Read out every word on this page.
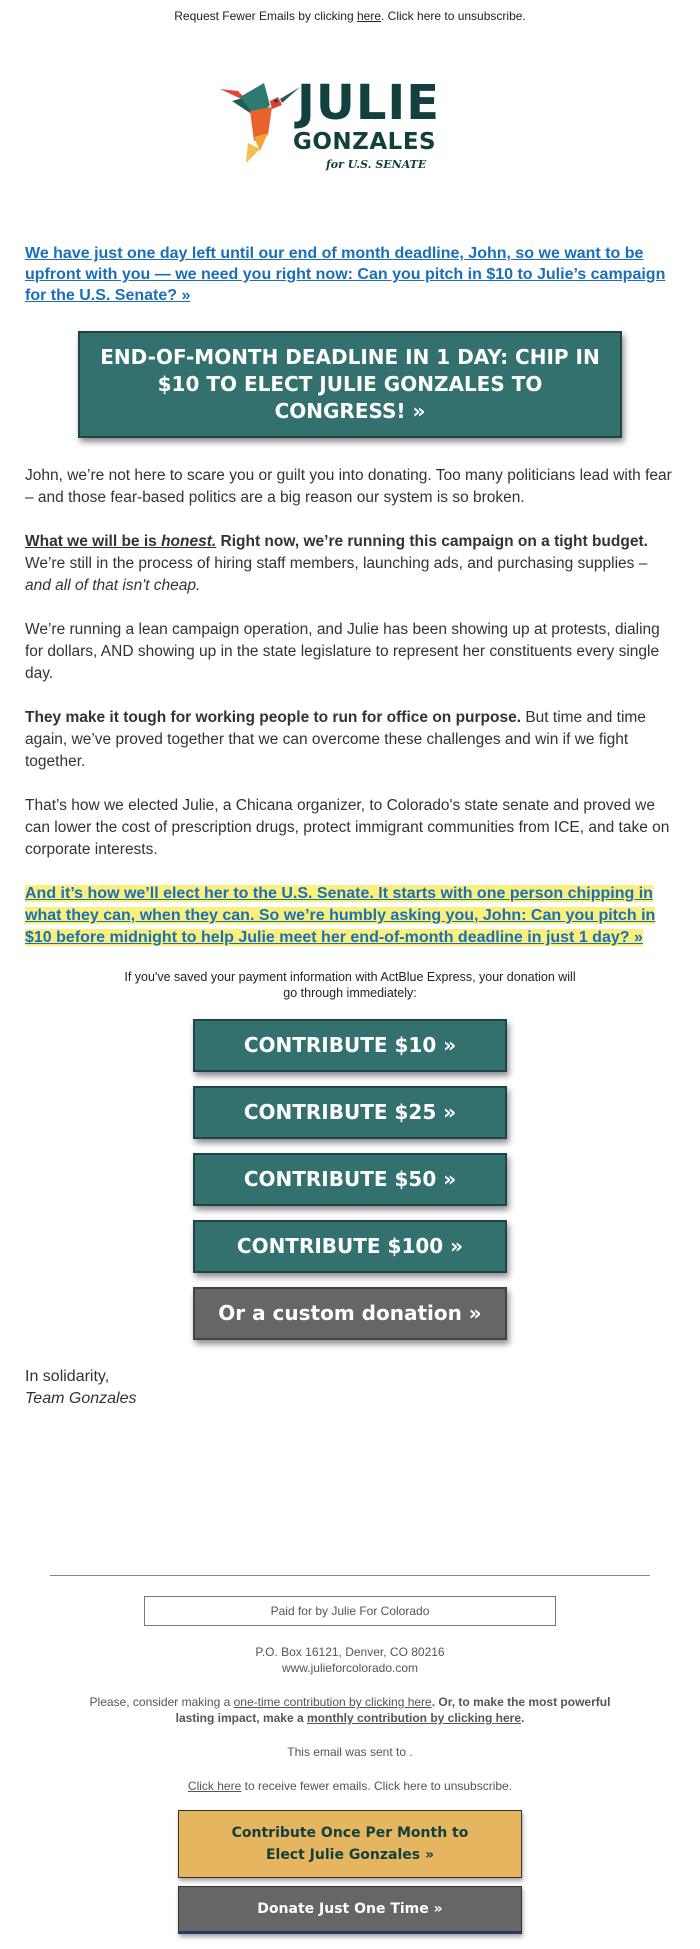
Request Fewer Emails by clicking here. Click here to unsubscribe.
JULIE
GONZALES
for U.S. SENATE
We have just one day left until our end of month deadline, John, so we want to be upfront with you — we need you right now: Can you pitch in $10 to Julie’s campaign for the U.S. Senate? »
END-OF-MONTH DEADLINE IN 1 DAY: CHIP IN $10 TO ELECT JULIE GONZALES TO CONGRESS! »

John, we’re not here to scare you or guilt you into donating. Too many politicians lead with fear – and those fear-based politics are a big reason our system is so broken.

What we will be is honest. Right now, we’re running this campaign on a tight budget. We’re still in the process of hiring staff members, launching ads, and purchasing supplies – and all of that isn't cheap.

We’re running a lean campaign operation, and Julie has been showing up at protests, dialing for dollars, AND showing up in the state legislature to represent her constituents every single day.

They make it tough for working people to run for office on purpose. But time and time again, we’ve proved together that we can overcome these challenges and win if we fight together.

That’s how we elected Julie, a Chicana organizer, to Colorado's state senate and proved we can lower the cost of prescription drugs, protect immigrant communities from ICE, and take on corporate interests.

And it’s how we’ll elect her to the U.S. Senate. It starts with one person chipping in what they can, when they can. So we’re humbly asking you, John: Can you pitch in $10 before midnight to help Julie meet her end-of-month deadline in just 1 day? »
If you've saved your payment information with ActBlue Express, your donation will go through immediately:
CONTRIBUTE $10 »
CONTRIBUTE $25 »
CONTRIBUTE $50 »
CONTRIBUTE $100 »
Or a custom donation »
In solidarity,
Team Gonzales
Paid for by Julie For Colorado
P.O. Box 16121, Denver, CO 80216
www.julieforcolorado.com
Please, consider making a one-time contribution by clicking here. Or, to make the most powerful lasting impact, make a monthly contribution by clicking here.
This email was sent to .
Click here to receive fewer emails. Click here to unsubscribe.
Contribute Once Per Month to Elect Julie Gonzales »
Donate Just One Time »
